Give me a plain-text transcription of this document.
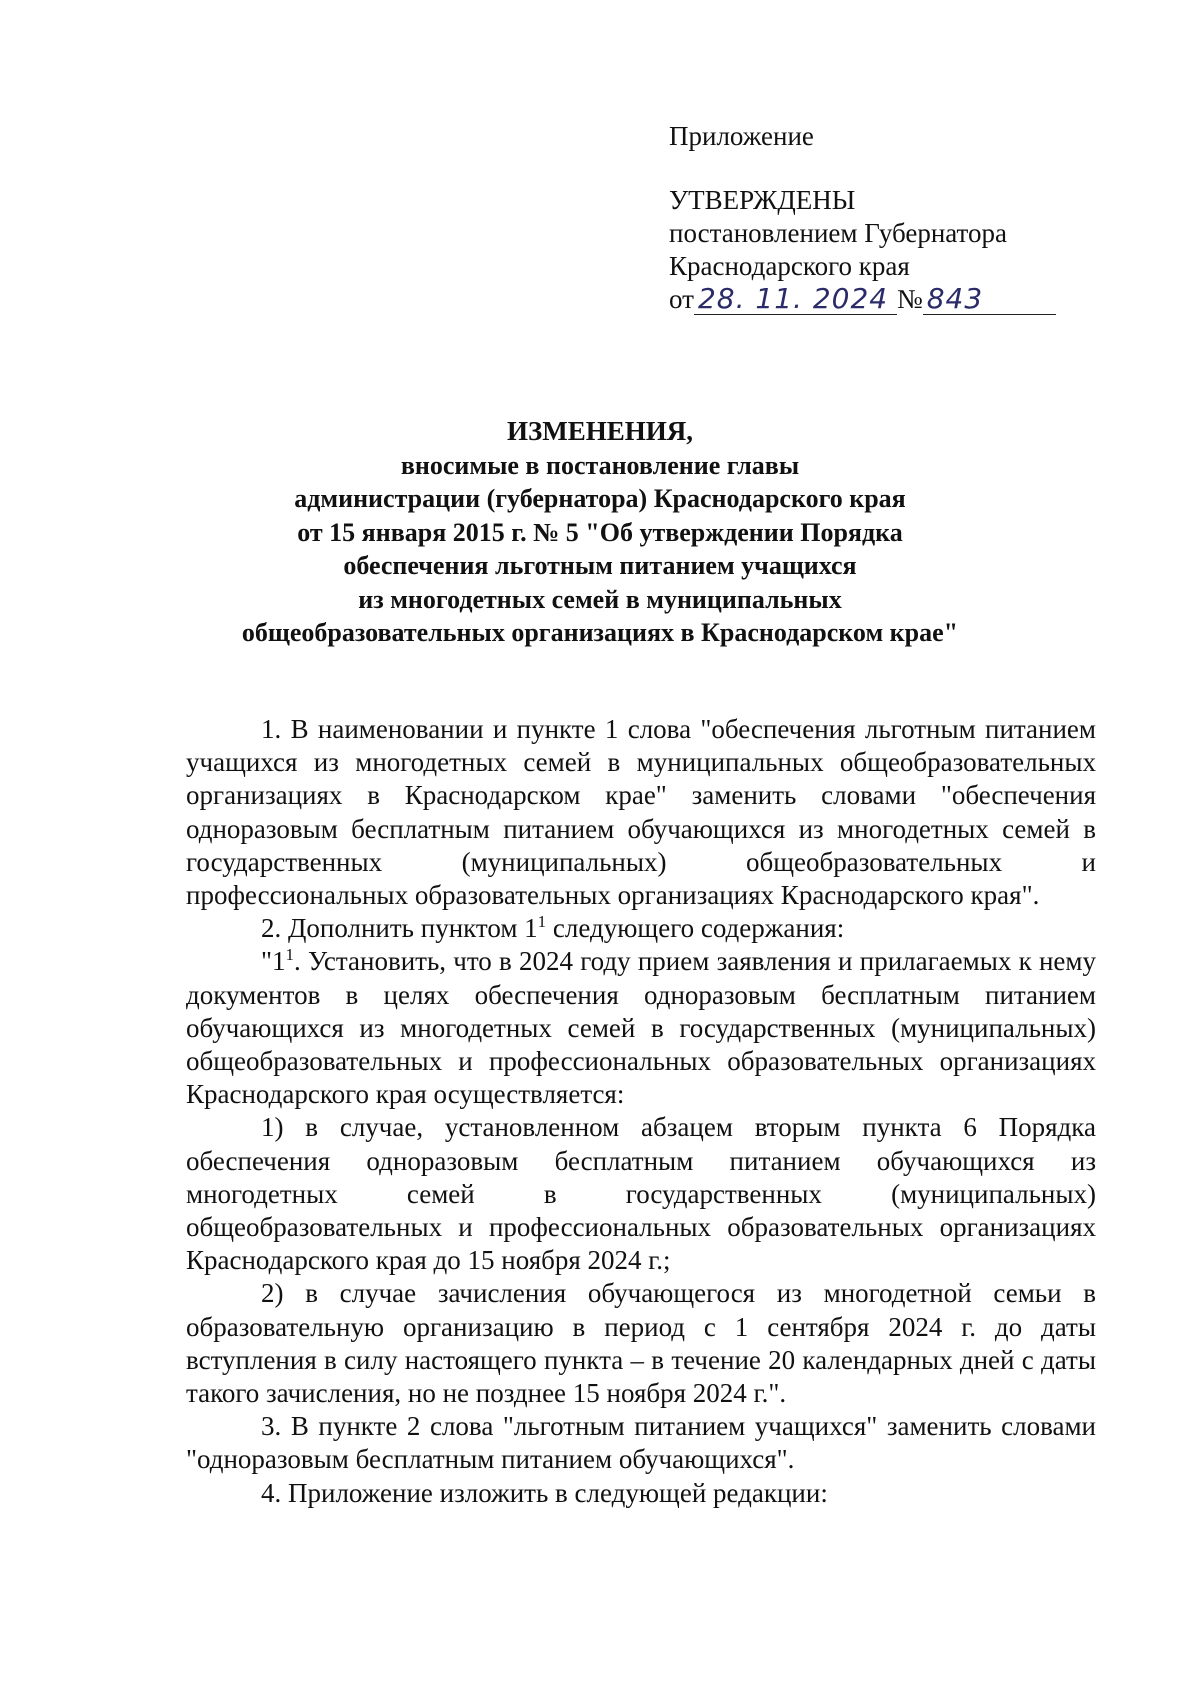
Приложение
УТВЕРЖДЕНЫ
постановлением Губернатора
Краснодарского края
от 28. 11. 2024 № 843
ИЗМЕНЕНИЯ,
вносимые в постановление главы
администрации (губернатора) Краснодарского края
от 15 января 2015 г. № 5 "Об утверждении Порядка
обеспечения льготным питанием учащихся
из многодетных семей в муниципальных
общеобразовательных организациях в Краснодарском крае"

1. В наименовании и пункте 1 слова "обеспечения льготным питанием учащихся из многодетных семей в муниципальных общеобразовательных организациях в Краснодарском крае" заменить словами "обеспечения одноразовым бесплатным питанием обучающихся из многодетных семей в государственных (муниципальных) общеобразовательных и профессиональных образовательных организациях Краснодарского края".

2. Дополнить пунктом $1^1$ следующего содержания:

"$1^1$. Установить, что в 2024 году прием заявления и прилагаемых к нему документов в целях обеспечения одноразовым бесплатным питанием обучающихся из многодетных семей в государственных (муниципальных) общеобразовательных и профессиональных образовательных организациях Краснодарского края осуществляется:

1) в случае, установленном абзацем вторым пункта 6 Порядка обеспечения одноразовым бесплатным питанием обучающихся из многодетных семей в государственных (муниципальных) общеобразовательных и профессиональных образовательных организациях Краснодарского края до 15 ноября 2024 г.;

2) в случае зачисления обучающегося из многодетной семьи в образовательную организацию в период с 1 сентября 2024 г. до даты вступления в силу настоящего пункта – в течение 20 календарных дней с даты такого зачисления, но не позднее 15 ноября 2024 г.".

3. В пункте 2 слова "льготным питанием учащихся" заменить словами "одноразовым бесплатным питанием обучающихся".

4. Приложение изложить в следующей редакции:
